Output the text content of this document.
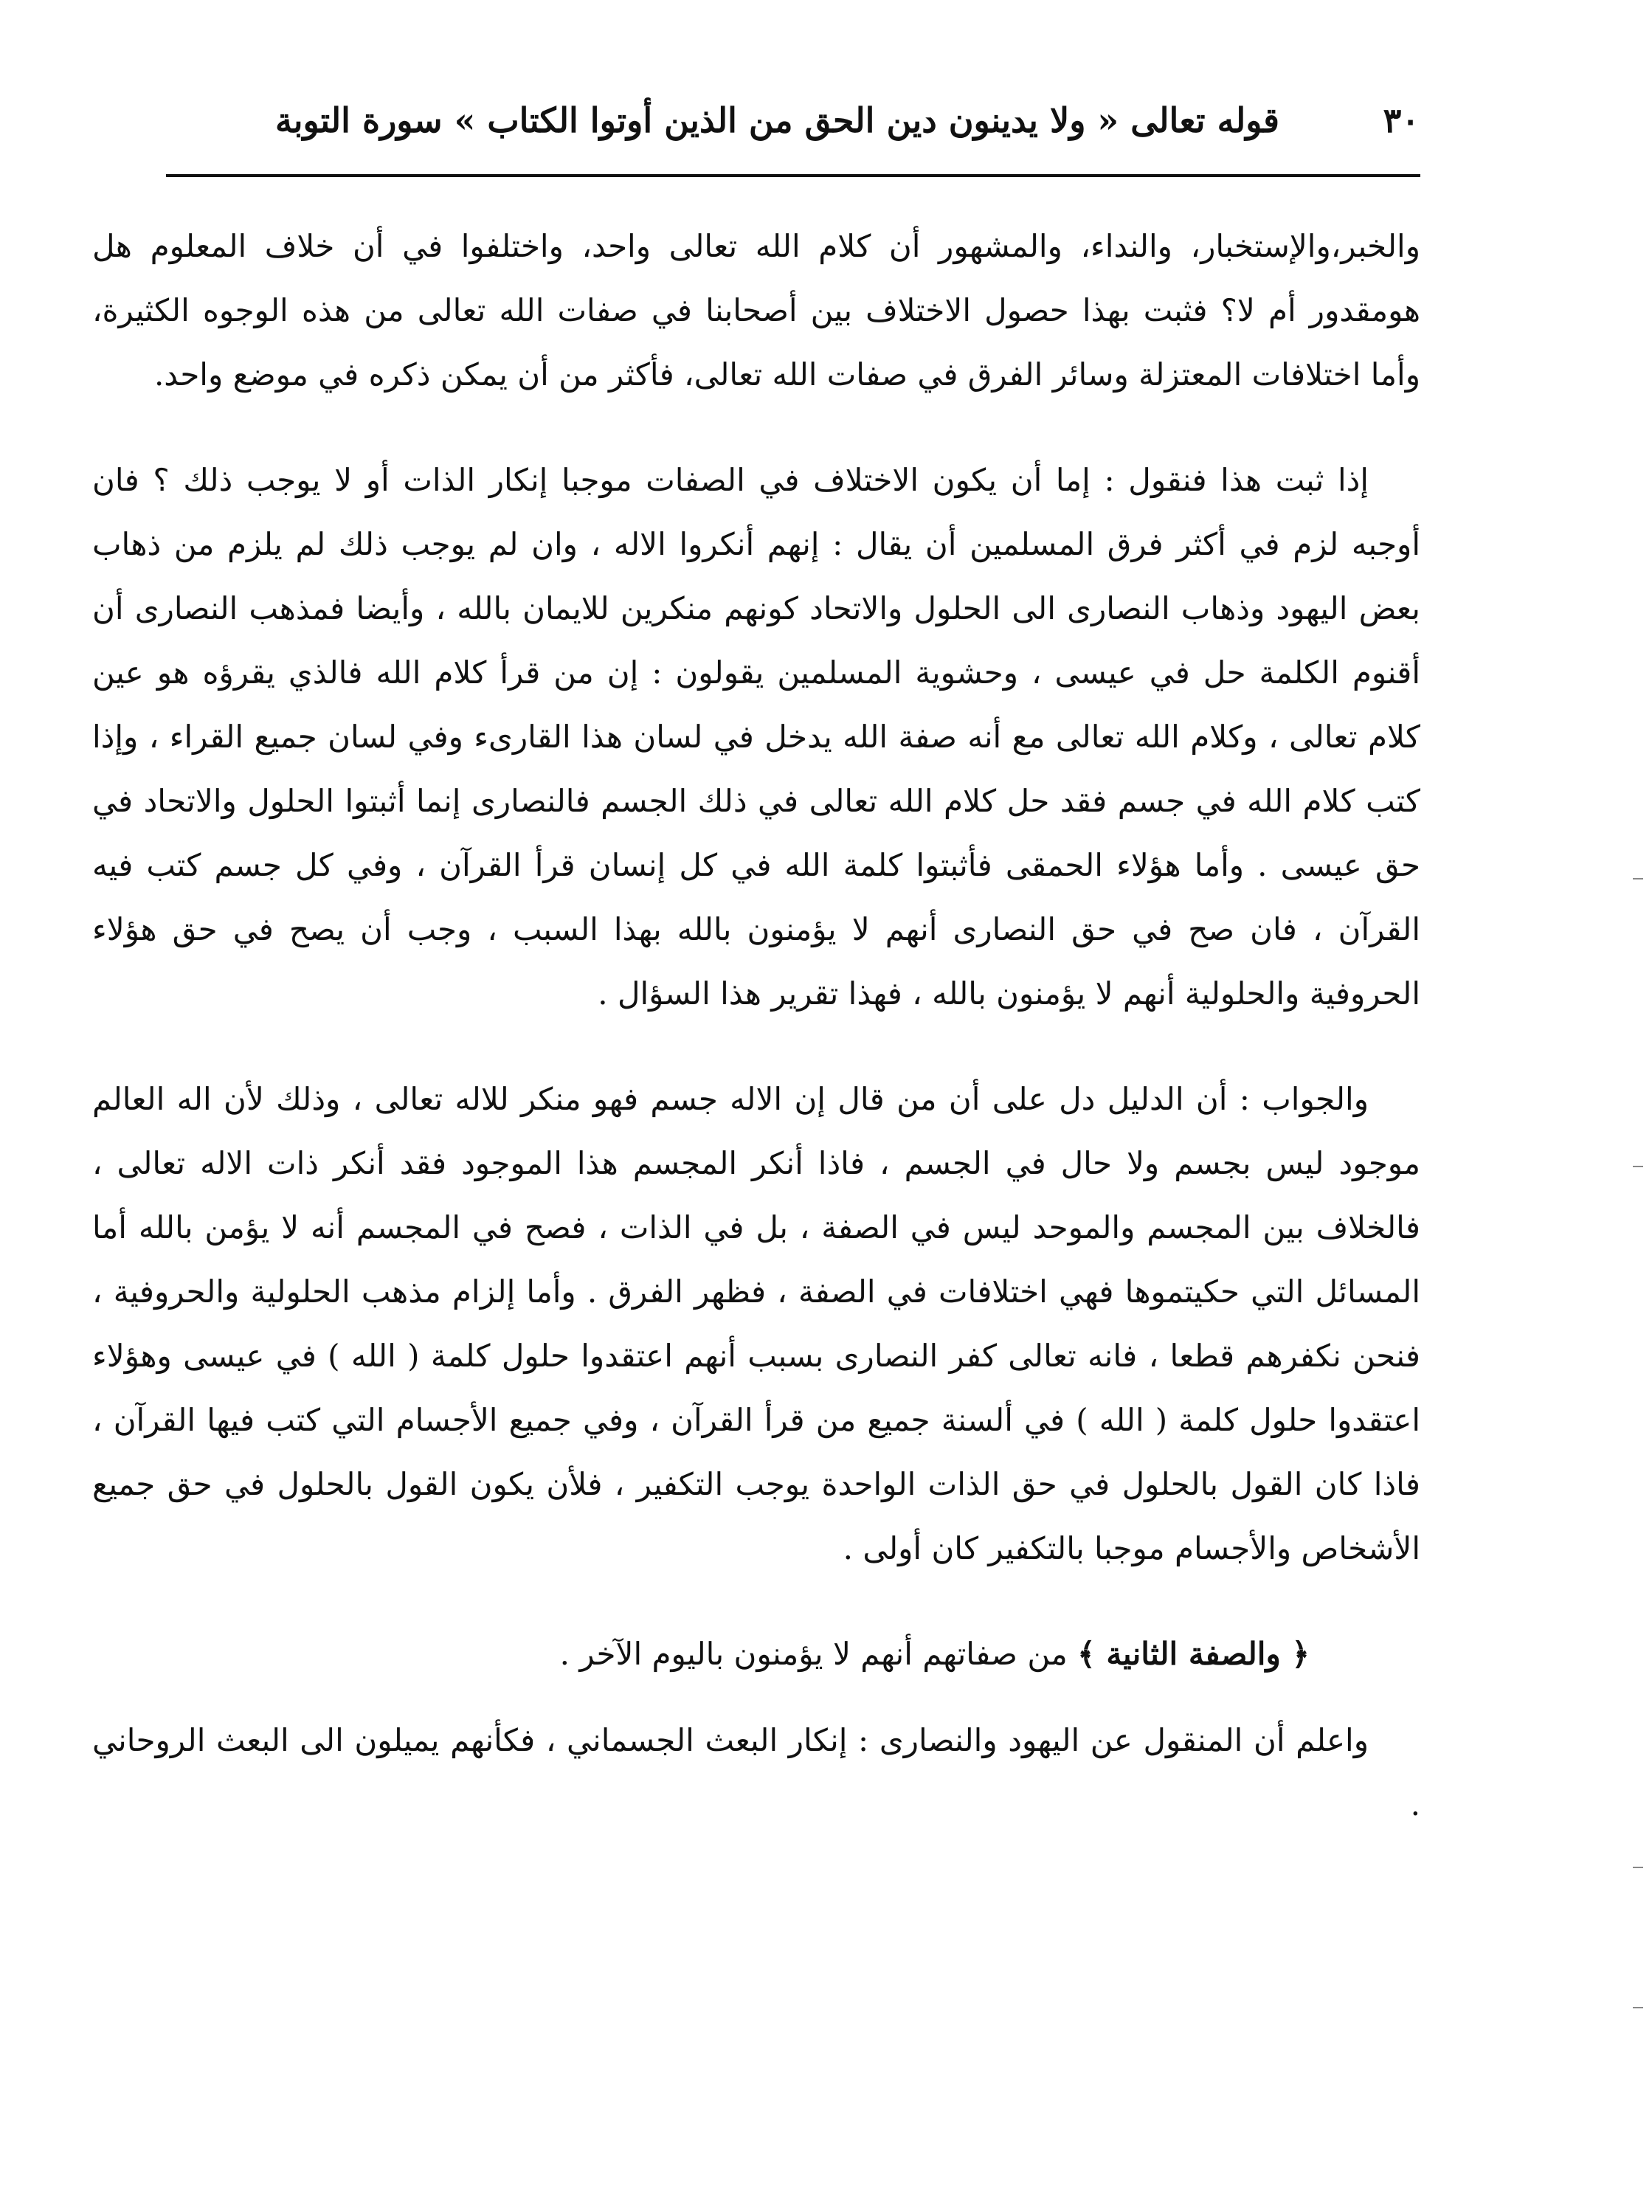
٣٠
قوله تعالى « ولا يدينون دين الحق من الذين أوتوا الكتاب » سورة التوبة

والخبر،والإستخبار، والنداء، والمشهور أن كلام الله تعالى واحد، واختلفوا في أن خلاف المعلوم هل هومقدور أم لا؟ فثبت بهذا حصول الاختلاف بين أصحابنا في صفات الله تعالى من هذه الوجوه الكثيرة، وأما اختلافات المعتزلة وسائر الفرق في صفات الله تعالى، فأكثر من أن يمكن ذكره في موضع واحد.

إذا ثبت هذا فنقول : إما أن يكون الاختلاف في الصفات موجبا إنكار الذات أو لا يوجب ذلك ؟ فان أوجبه لزم في أكثر فرق المسلمين أن يقال : إنهم أنكروا الاله ، وان لم يوجب ذلك لم يلزم من ذهاب بعض اليهود وذهاب النصارى الى الحلول والاتحاد كونهم منكرين للايمان بالله ، وأيضا فمذهب النصارى أن أقنوم الكلمة حل في عيسى ، وحشوية المسلمين يقولون : إن من قرأ كلام الله فالذي يقرؤه هو عين كلام تعالى ، وكلام الله تعالى مع أنه صفة الله يدخل في لسان هذا القارىء وفي لسان جميع القراء ، وإذا كتب كلام الله في جسم فقد حل كلام الله تعالى في ذلك الجسم فالنصارى إنما أثبتوا الحلول والاتحاد في حق عيسى . وأما هؤلاء الحمقى فأثبتوا كلمة الله في كل إنسان قرأ القرآن ، وفي كل جسم كتب فيه القرآن ، فان صح في حق النصارى أنهم لا يؤمنون بالله بهذا السبب ، وجب أن يصح في حق هؤلاء الحروفية والحلولية أنهم لا يؤمنون بالله ، فهذا تقرير هذا السؤال .

والجواب : أن الدليل دل على أن من قال إن الاله جسم فهو منكر للاله تعالى ، وذلك لأن اله العالم موجود ليس بجسم ولا حال في الجسم ، فاذا أنكر المجسم هذا الموجود فقد أنكر ذات الاله تعالى ، فالخلاف بين المجسم والموحد ليس في الصفة ، بل في الذات ، فصح في المجسم أنه لا يؤمن بالله أما المسائل التي حكيتموها فهي اختلافات في الصفة ، فظهر الفرق . وأما إلزام مذهب الحلولية والحروفية ، فنحن نكفرهم قطعا ، فانه تعالى كفر النصارى بسبب أنهم اعتقدوا حلول كلمة ( الله ) في عيسى وهؤلاء اعتقدوا حلول كلمة ( الله ) في ألسنة جميع من قرأ القرآن ، وفي جميع الأجسام التي كتب فيها القرآن ، فاذا كان القول بالحلول في حق الذات الواحدة يوجب التكفير ، فلأن يكون القول بالحلول في حق جميع الأشخاص والأجسام موجبا بالتكفير كان أولى .

﴿ والصفة الثانية ﴾ من صفاتهم أنهم لا يؤمنون باليوم الآخر .

واعلم أن المنقول عن اليهود والنصارى : إنكار البعث الجسماني ، فكأنهم يميلون الى البعث الروحاني .
